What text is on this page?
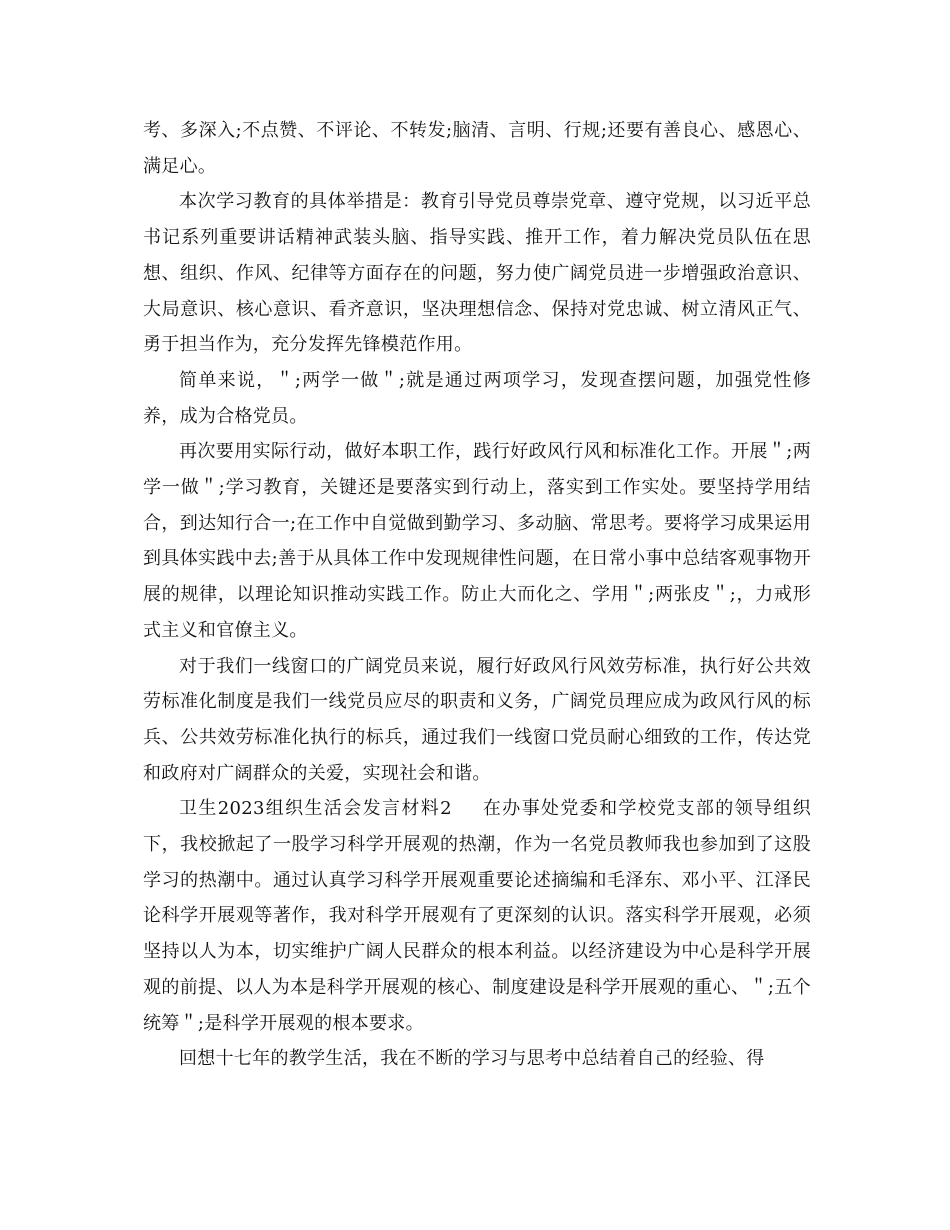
考、多深入;不点赞、不评论、不转发;脑清、言明、行规;还要有善良心、感恩心、满足心。

本次学习教育的具体举措是：教育引导党员尊崇党章、遵守党规，以习近平总书记系列重要讲话精神武装头脑、指导实践、推开工作，着力解决党员队伍在思想、组织、作风、纪律等方面存在的问题，努力使广阔党员进一步增强政治意识、大局意识、核心意识、看齐意识，坚决理想信念、保持对党忠诚、树立清风正气、勇于担当作为，充分发挥先锋模范作用。

简单来说，＂;两学一做＂;就是通过两项学习，发现查摆问题，加强党性修养，成为合格党员。

再次要用实际行动，做好本职工作，践行好政风行风和标准化工作。开展＂;两学一做＂;学习教育，关键还是要落实到行动上，落实到工作实处。要坚持学用结合，到达知行合一;在工作中自觉做到勤学习、多动脑、常思考。要将学习成果运用到具体实践中去;善于从具体工作中发现规律性问题，在日常小事中总结客观事物开展的规律，以理论知识推动实践工作。防止大而化之、学用＂;两张皮＂;，力戒形式主义和官僚主义。

对于我们一线窗口的广阔党员来说，履行好政风行风效劳标准，执行好公共效劳标准化制度是我们一线党员应尽的职责和义务，广阔党员理应成为政风行风的标兵、公共效劳标准化执行的标兵，通过我们一线窗口党员耐心细致的工作，传达党和政府对广阔群众的关爱，实现社会和谐。

卫生2023组织生活会发言材料2 在办事处党委和学校党支部的领导组织下，我校掀起了一股学习科学开展观的热潮，作为一名党员教师我也参加到了这股学习的热潮中。通过认真学习科学开展观重要论述摘编和毛泽东、邓小平、江泽民论科学开展观等著作，我对科学开展观有了更深刻的认识。落实科学开展观，必须坚持以人为本，切实维护广阔人民群众的根本利益。以经济建设为中心是科学开展观的前提、以人为本是科学开展观的核心、制度建设是科学开展观的重心、＂;五个统筹＂;是科学开展观的根本要求。

回想十七年的教学生活，我在不断的学习与思考中总结着自己的经验、得
